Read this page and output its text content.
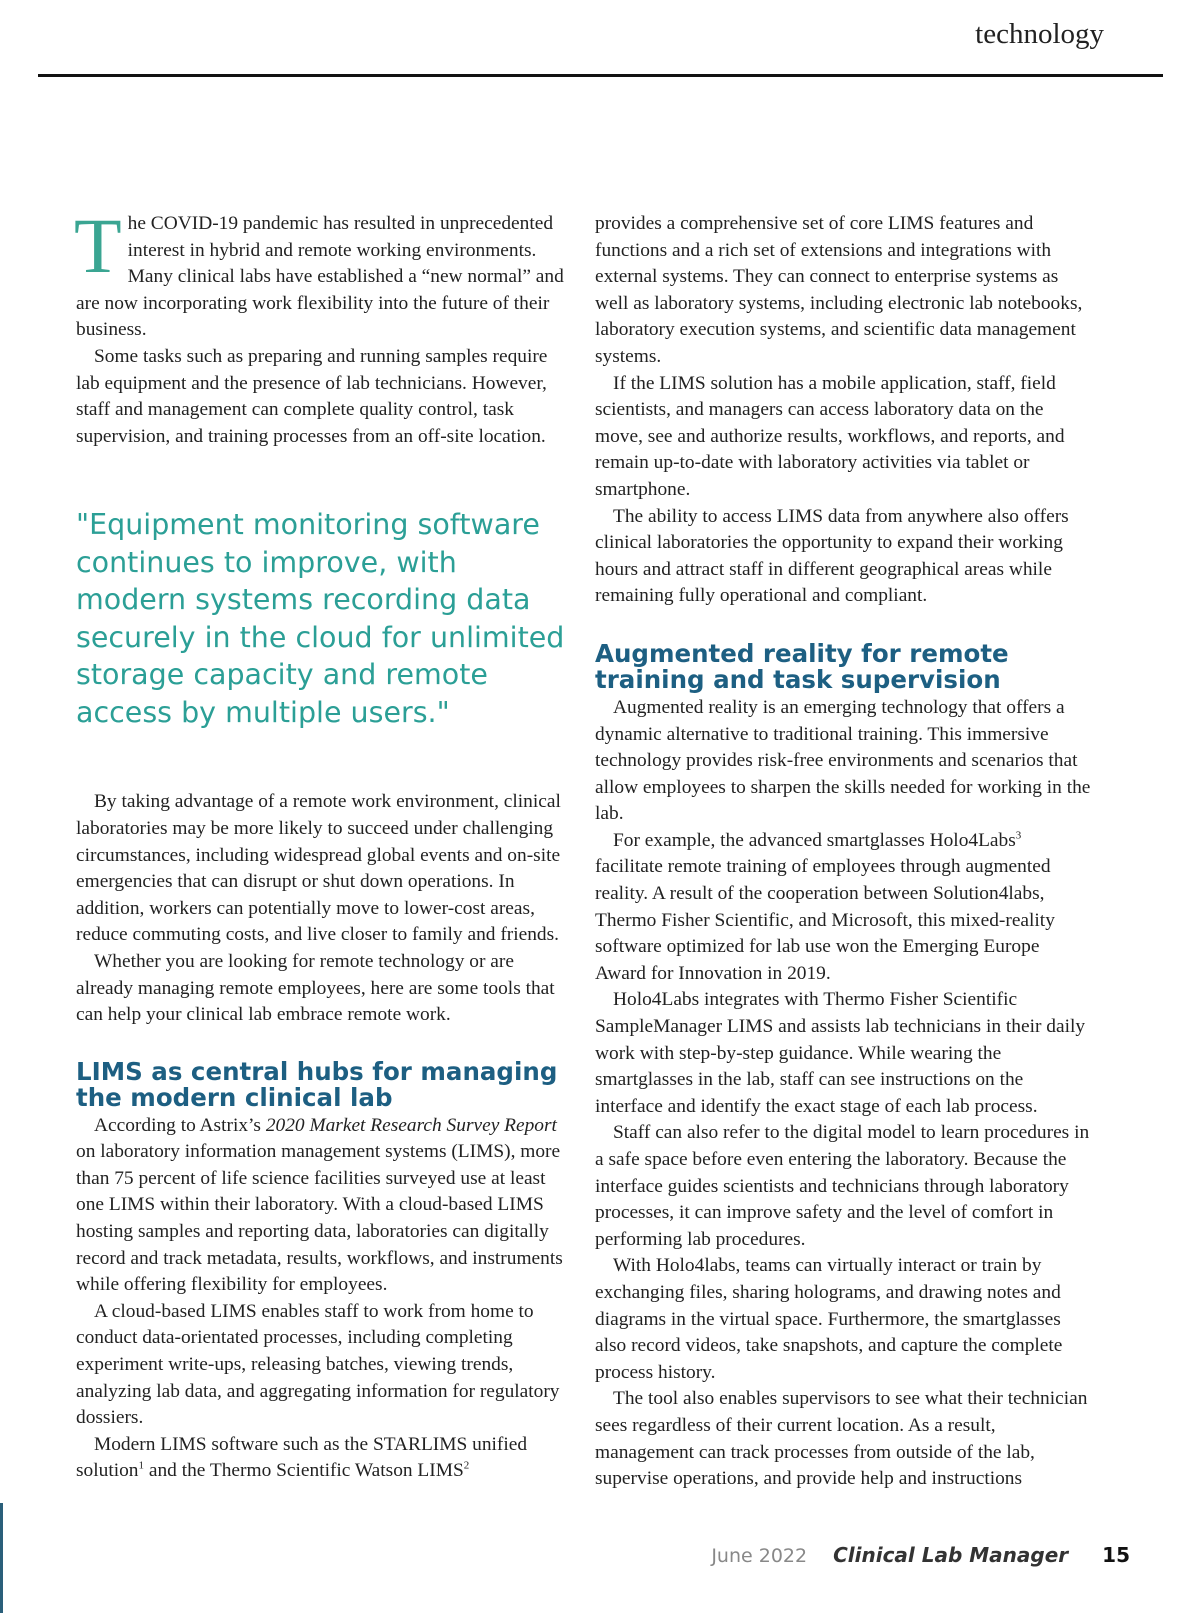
technology

The COVID-19 pandemic has resulted in unprecedented interest in hybrid and remote working environments. Many clinical labs have established a “new normal” and are now incorporating work flexibility into the future of their business.

Some tasks such as preparing and running samples require lab equipment and the presence of lab technicians. However, staff and management can complete quality control, task supervision, and training processes from an off-site location.

"Equipment monitoring software continues to improve, with modern systems recording data securely in the cloud for unlimited storage capacity and remote access by multiple users."

By taking advantage of a remote work environment, clinical laboratories may be more likely to succeed under challenging circumstances, including widespread global events and on-site emergencies that can disrupt or shut down operations. In addition, workers can potentially move to lower-cost areas, reduce commuting costs, and live closer to family and friends.

Whether you are looking for remote technology or are already managing remote employees, here are some tools that can help your clinical lab embrace remote work.

LIMS as central hubs for managing the modern clinical lab

According to Astrix’s 2020 Market Research Survey Report on laboratory information management systems (LIMS), more than 75 percent of life science facilities surveyed use at least one LIMS within their laboratory. With a cloud-based LIMS hosting samples and reporting data, laboratories can digitally record and track metadata, results, workflows, and instruments while offering flexibility for employees.

A cloud-based LIMS enables staff to work from home to conduct data-orientated processes, including completing experiment write-ups, releasing batches, viewing trends, analyzing lab data, and aggregating information for regulatory dossiers.

Modern LIMS software such as the STARLIMS unified solution$^1$ and the Thermo Scientific Watson LIMS$^2$

provides a comprehensive set of core LIMS features and functions and a rich set of extensions and integrations with external systems. They can connect to enterprise systems as well as laboratory systems, including electronic lab notebooks, laboratory execution systems, and scientific data management systems.

If the LIMS solution has a mobile application, staff, field scientists, and managers can access laboratory data on the move, see and authorize results, workflows, and reports, and remain up-to-date with laboratory activities via tablet or smartphone.

The ability to access LIMS data from anywhere also offers clinical laboratories the opportunity to expand their working hours and attract staff in different geographical areas while remaining fully operational and compliant.

Augmented reality for remote training and task supervision

Augmented reality is an emerging technology that offers a dynamic alternative to traditional training. This immersive technology provides risk-free environments and scenarios that allow employees to sharpen the skills needed for working in the lab.

For example, the advanced smartglasses Holo4Labs$^3$ facilitate remote training of employees through augmented reality. A result of the cooperation between Solution4labs, Thermo Fisher Scientific, and Microsoft, this mixed-reality software optimized for lab use won the Emerging Europe Award for Innovation in 2019.

Holo4Labs integrates with Thermo Fisher Scientific SampleManager LIMS and assists lab technicians in their daily work with step-by-step guidance. While wearing the smartglasses in the lab, staff can see instructions on the interface and identify the exact stage of each lab process.

Staff can also refer to the digital model to learn procedures in a safe space before even entering the laboratory. Because the interface guides scientists and technicians through laboratory processes, it can improve safety and the level of comfort in performing lab procedures.

With Holo4labs, teams can virtually interact or train by exchanging files, sharing holograms, and drawing notes and diagrams in the virtual space. Furthermore, the smartglasses also record videos, take snapshots, and capture the complete process history.

The tool also enables supervisors to see what their technician sees regardless of their current location. As a result, management can track processes from outside of the lab, supervise operations, and provide help and instructions

June 2022 Clinical Lab Manager 15
